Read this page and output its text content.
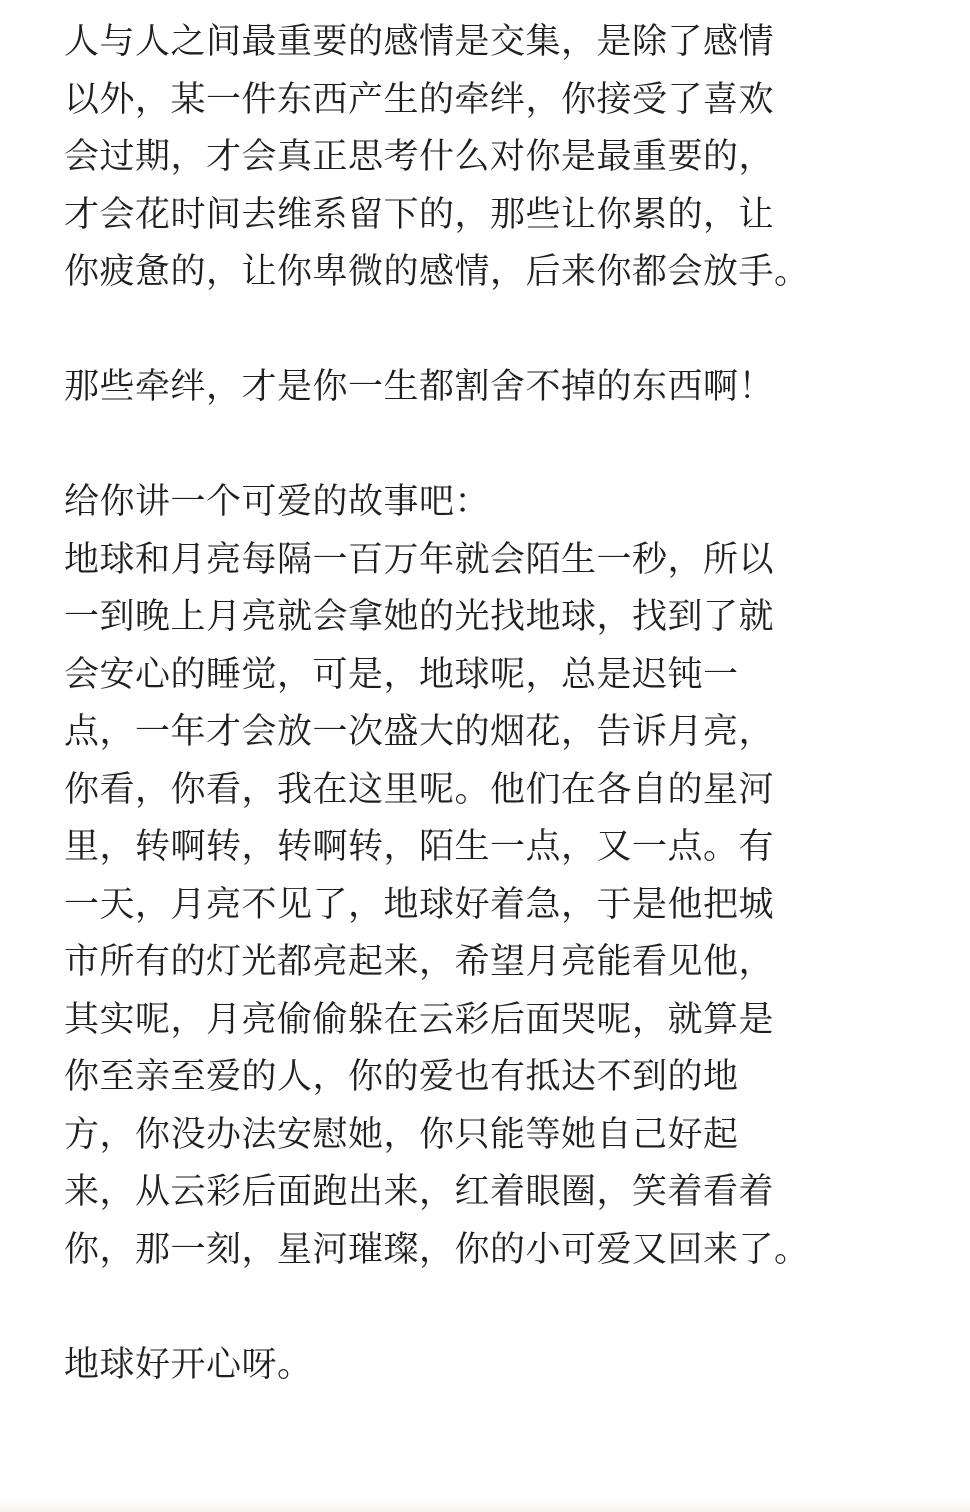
人与人之间最重要的感情是交集，是除了感情
以外，某一件东西产生的牵绊，你接受了喜欢
会过期，才会真正思考什么对你是最重要的，
才会花时间去维系留下的，那些让你累的，让
你疲惫的，让你卑微的感情，后来你都会放手。
那些牵绊，才是你一生都割舍不掉的东西啊！
给你讲一个可爱的故事吧：
地球和月亮每隔一百万年就会陌生一秒，所以
一到晚上月亮就会拿她的光找地球，找到了就
会安心的睡觉，可是，地球呢，总是迟钝一
点，一年才会放一次盛大的烟花，告诉月亮，
你看，你看，我在这里呢。他们在各自的星河
里，转啊转，转啊转，陌生一点，又一点。有
一天，月亮不见了，地球好着急，于是他把城
市所有的灯光都亮起来，希望月亮能看见他，
其实呢，月亮偷偷躲在云彩后面哭呢，就算是
你至亲至爱的人，你的爱也有抵达不到的地
方，你没办法安慰她，你只能等她自己好起
来，从云彩后面跑出来，红着眼圈，笑着看着
你，那一刻，星河璀璨，你的小可爱又回来了。
地球好开心呀。
